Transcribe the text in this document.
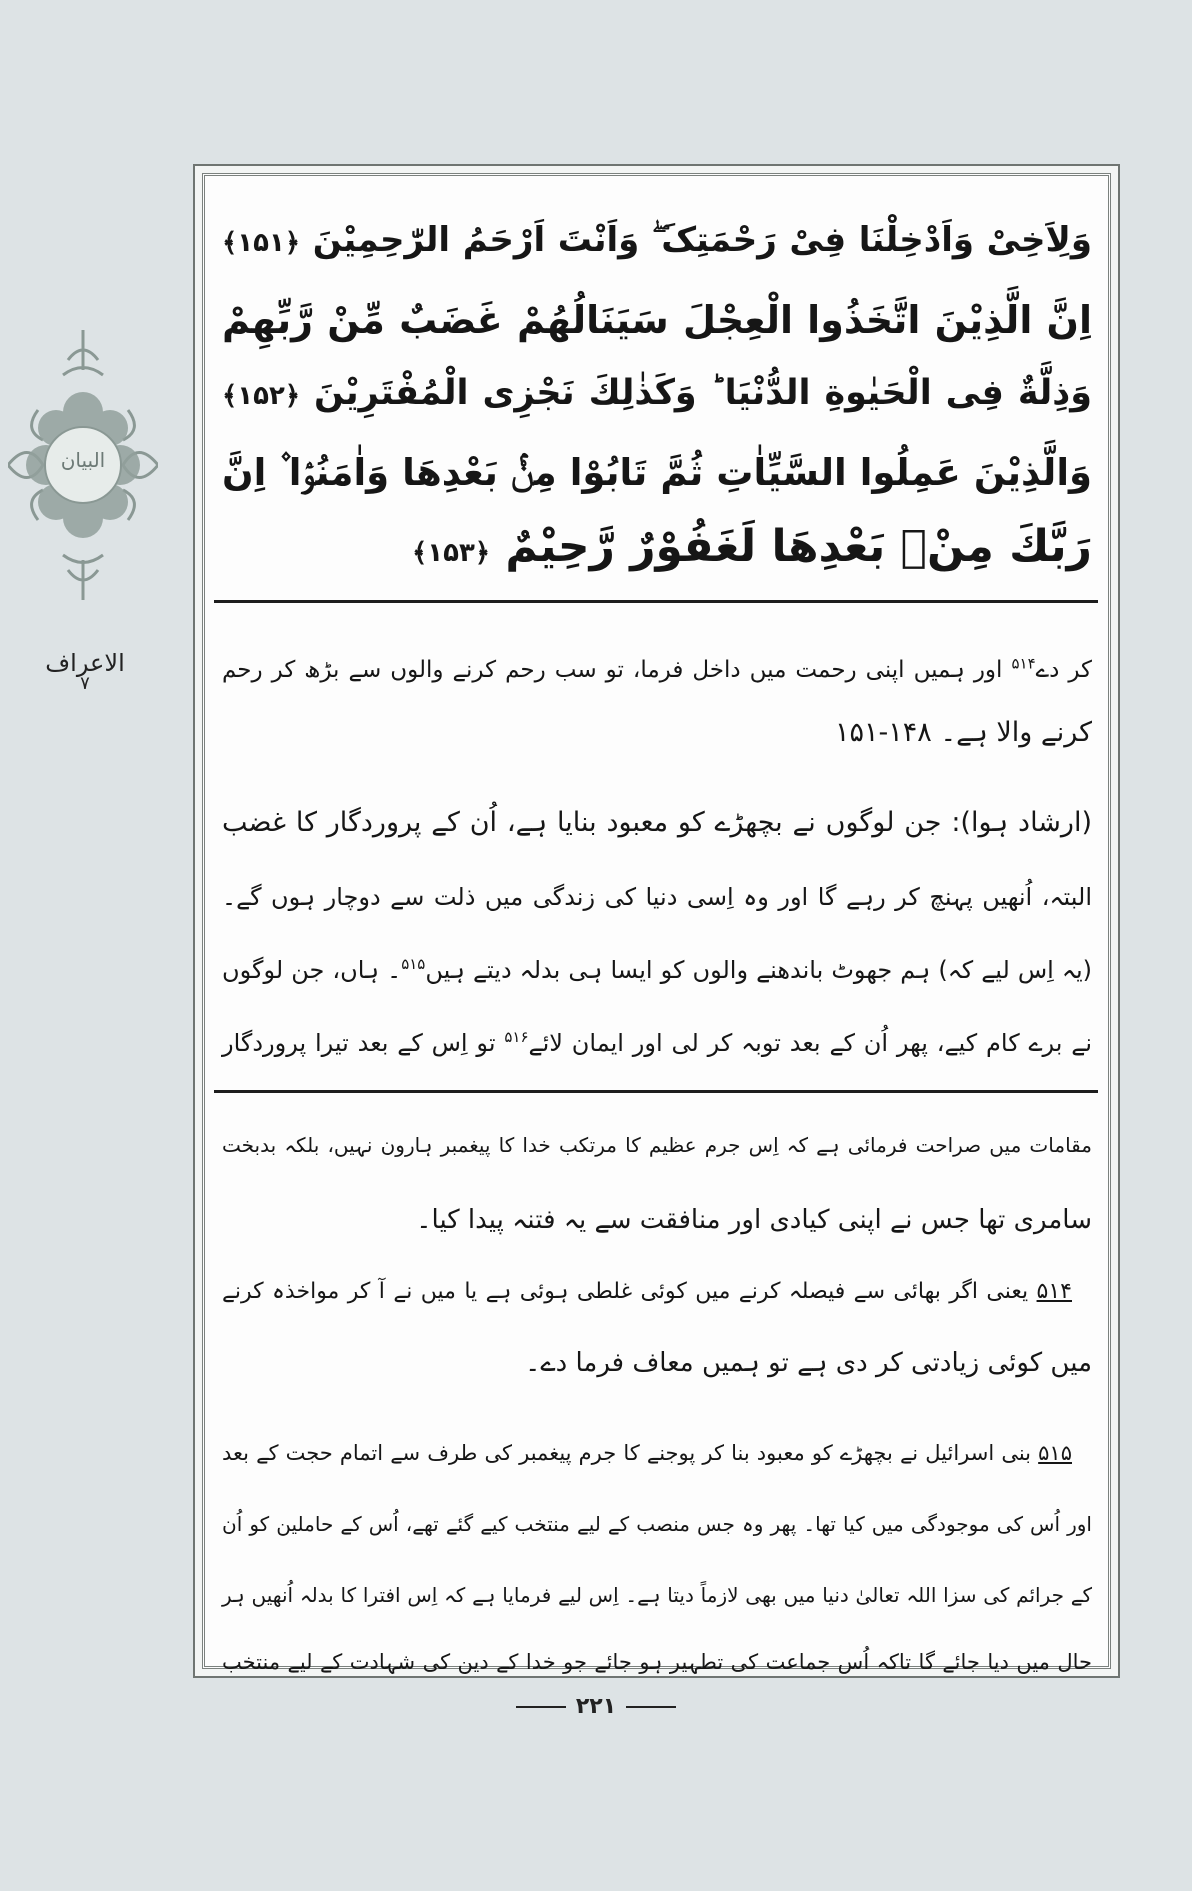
البیان
الاعراف
۷
وَلِاَخِیْ وَاَدْخِلْنَا فِیْ رَحْمَتِکَ ۖ وَاَنْتَ اَرْحَمُ الرّٰحِمِیْنَ ﴿۱۵۱﴾
اِنَّ الَّذِیْنَ اتَّخَذُوا الْعِجْلَ سَیَنَالُهُمْ غَضَبٌ مِّنْ رَّبِّهِمْ
وَذِلَّةٌ فِی الْحَیٰوةِ الدُّنْیَا ؕ وَكَذٰلِكَ نَجْزِی الْمُفْتَرِیْنَ ﴿۱۵۲﴾
وَالَّذِیْنَ عَمِلُوا السَّیِّاٰتِ ثُمَّ تَابُوْا مِنْۢ بَعْدِهَا وَاٰمَنُوْۤا ۫ اِنَّ
رَبَّكَ مِنْۢ بَعْدِهَا لَغَفُوْرٌ رَّحِیْمٌ ﴿۱۵۳﴾
کر دے$^{۵۱۴}$ اور ہمیں اپنی رحمت میں داخل فرما، تو سب رحم کرنے والوں سے بڑھ کر رحم
کرنے والا ہے۔ ۱۴۸-۱۵۱
(ارشاد ہوا): جن لوگوں نے بچھڑے کو معبود بنایا ہے، اُن کے پروردگار کا غضب
البتہ، اُنھیں پہنچ کر رہے گا اور وہ اِسی دنیا کی زندگی میں ذلت سے دوچار ہوں گے۔
(یہ اِس لیے کہ) ہم جھوٹ باندھنے والوں کو ایسا ہی بدلہ دیتے ہیں$^{۵۱۵}$۔ ہاں، جن لوگوں
نے برے کام کیے، پھر اُن کے بعد توبہ کر لی اور ایمان لائے$^{۵۱۶}$ تو اِس کے بعد تیرا پروردگار
مقامات میں صراحت فرمائی ہے کہ اِس جرم عظیم کا مرتکب خدا کا پیغمبر ہارون نہیں، بلکہ بدبخت
سامری تھا جس نے اپنی کیادی اور منافقت سے یہ فتنہ پیدا کیا۔
۵۱۴ یعنی اگر بھائی سے فیصلہ کرنے میں کوئی غلطی ہوئی ہے یا میں نے آ کر مواخذہ کرنے
میں کوئی زیادتی کر دی ہے تو ہمیں معاف فرما دے۔
۵۱۵ بنی اسرائیل نے بچھڑے کو معبود بنا کر پوجنے کا جرم پیغمبر کی طرف سے اتمام حجت کے بعد
اور اُس کی موجودگی میں کیا تھا۔ پھر وہ جس منصب کے لیے منتخب کیے گئے تھے، اُس کے حاملین کو اُن
کے جرائم کی سزا اللہ تعالیٰ دنیا میں بھی لازماً دیتا ہے۔ اِس لیے فرمایا ہے کہ اِس افترا کا بدلہ اُنھیں ہر
حال میں دیا جائے گا تاکہ اُس جماعت کی تطہیر ہو جائے جو خدا کے دین کی شہادت کے لیے منتخب
۲۲۱
